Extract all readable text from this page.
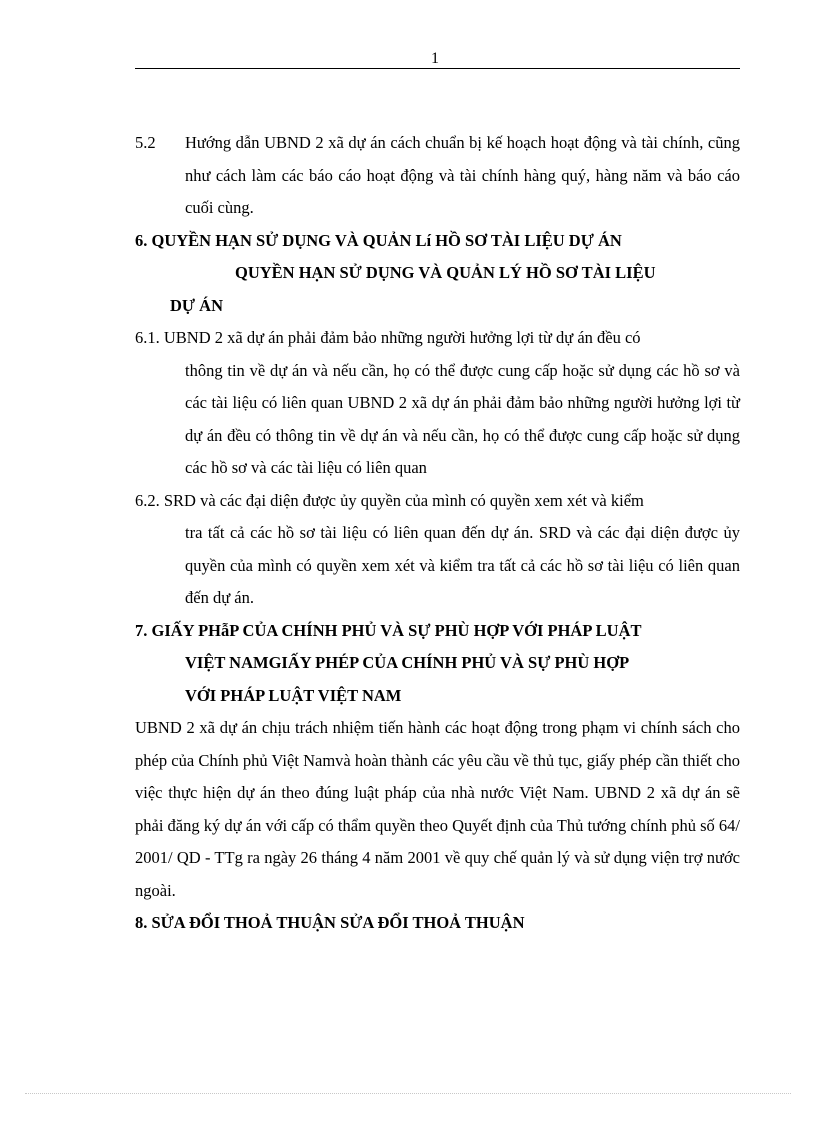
1
5.2	Hướng dẫn UBND 2 xã dự án cách chuẩn bị kế hoạch hoạt động và tài chính, cũng như cách làm các báo cáo hoạt động và tài chính hàng quý, hàng năm và báo cáo cuối cùng.
6. QUYỀN HẠN SỬ DỤNG VÀ QUẢN Lí HỒ SƠ TÀI LIỆU DỰ ÁN
QUYỀN HẠN SỬ DỤNG VÀ QUẢN LÝ HỒ SƠ TÀI LIỆU
DỰ ÁN
6.1. UBND 2 xã dự án phải đảm bảo những người hưởng lợi từ dự án đều có
thông tin về dự án và nếu cần, họ có thể được cung cấp hoặc sử dụng các hồ sơ và các tài liệu có liên quan UBND 2 xã dự án phải đảm bảo những người hưởng lợi từ dự án đều có thông tin về dự án và nếu cần, họ có thể được cung cấp hoặc sử dụng các hồ sơ và các tài liệu có liên quan
6.2. SRD và các đại diện được ủy quyền của mình có quyền xem xét và kiểm
tra tất cả các hồ sơ tài liệu có liên quan đến dự án. SRD và các đại diện được ủy quyền của mình có quyền xem xét và kiểm tra tất cả các hồ sơ tài liệu có liên quan đến dự án.
7. GIẤY PHẫP CỦA CHÍNH PHỦ VÀ SỰ PHÙ HỢP VỚI PHÁP LUẬT
VIỆT NAMGIẤY PHÉP CỦA CHÍNH PHỦ VÀ SỰ PHÙ HỢP
VỚI PHÁP LUẬT VIỆT NAM
UBND 2 xã dự án chịu trách nhiệm tiến hành các hoạt động trong phạm vi chính sách cho phép của Chính phủ Việt Namvà hoàn thành các yêu cầu về thủ tục, giấy phép cần thiết cho việc thực hiện dự án theo đúng luật pháp của nhà nước Việt Nam. UBND 2 xã dự án sẽ phải đăng ký dự án với cấp có thẩm quyền theo Quyết định của Thủ tướng chính phủ số 64/ 2001/ QD - TTg ra ngày 26 tháng 4 năm 2001 về quy chế quản lý và sử dụng viện trợ nước ngoài.
8. SỬA ĐỔI THOẢ THUẬN SỬA ĐỔI THOẢ THUẬN
